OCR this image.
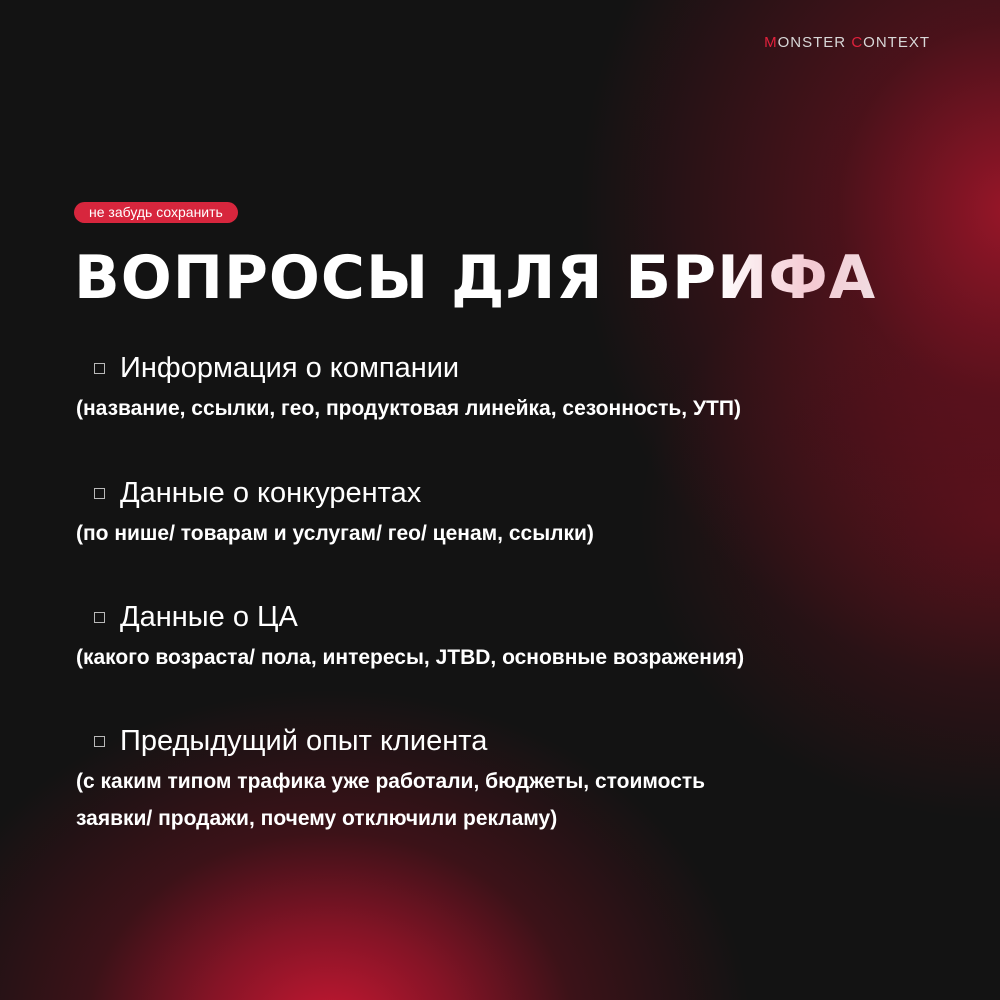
MONSTER CONTEXT
не забудь сохранить
ВОПРОСЫ ДЛЯ БРИФА
Информация о компании
(название, ссылки, гео, продуктовая линейка, сезонность, УТП)
Данные о конкурентах
(по нише/ товарам и услугам/ гео/ ценам, ссылки)
Данные о ЦА
(какого возраста/ пола, интересы, JTBD, основные возражения)
Предыдущий опыт клиента
(с каким типом трафика уже работали, бюджеты, стоимость
заявки/ продажи, почему отключили рекламу)
